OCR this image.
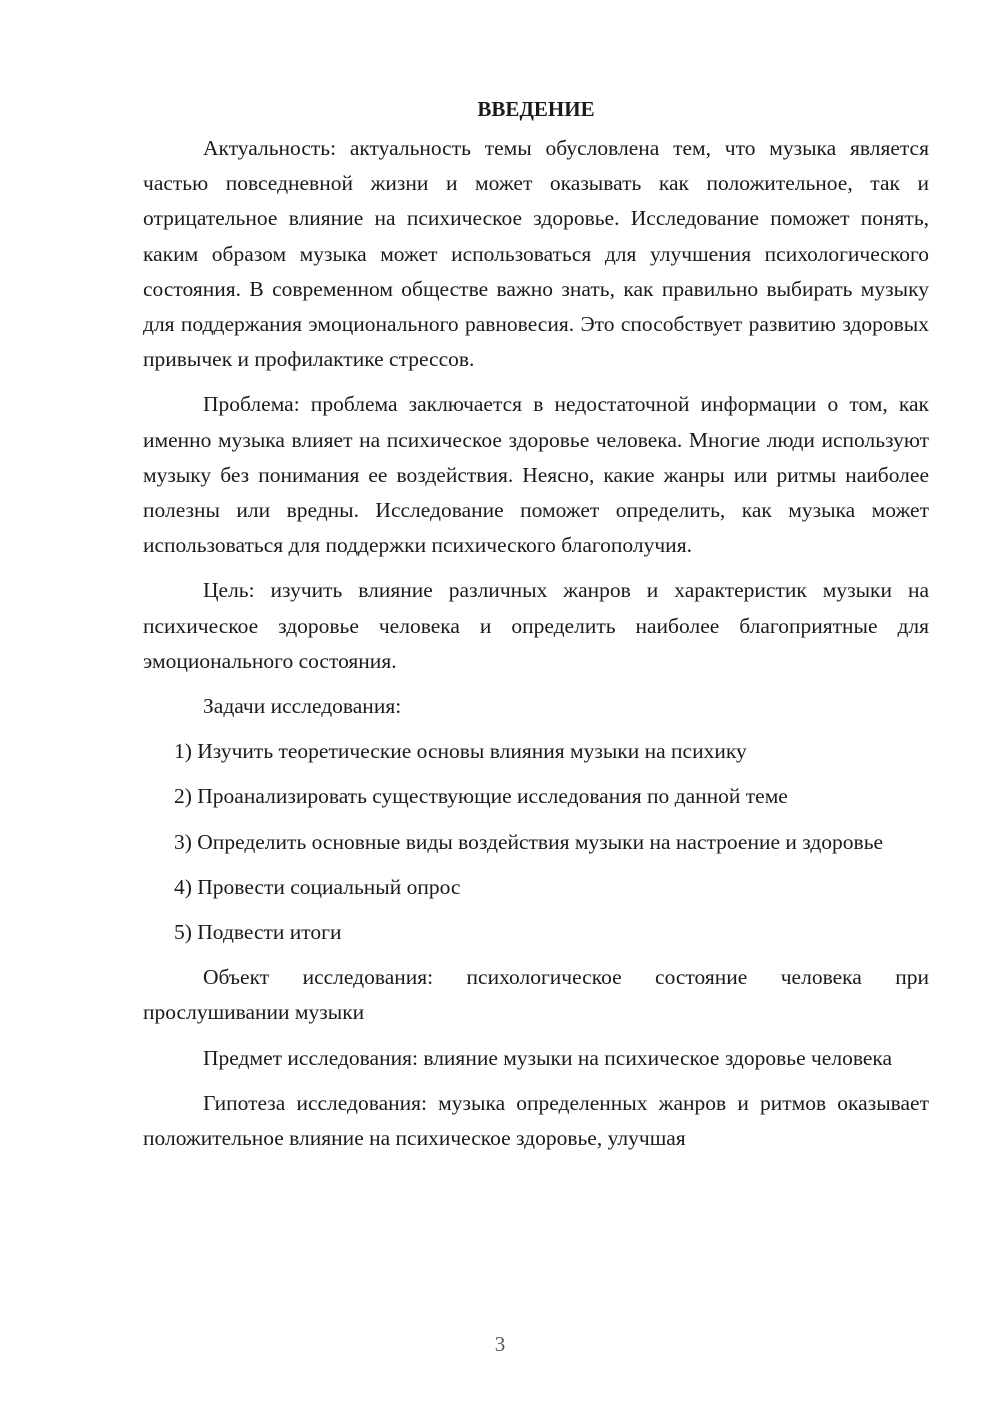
ВВЕДЕНИЕ

Актуальность: актуальность темы обусловлена тем, что музыка является частью повседневной жизни и может оказывать как положительное, так и отрицательное влияние на психическое здоровье. Исследование поможет понять, каким образом музыка может использоваться для улучшения психологического состояния. В современном обществе важно знать, как правильно выбирать музыку для поддержания эмоционального равновесия. Это способствует развитию здоровых привычек и профилактике стрессов.

Проблема: проблема заключается в недостаточной информации о том, как именно музыка влияет на психическое здоровье человека. Многие люди используют музыку без понимания ее воздействия. Неясно, какие жанры или ритмы наиболее полезны или вредны. Исследование поможет определить, как музыка может использоваться для поддержки психического благополучия.

Цель: изучить влияние различных жанров и характеристик музыки на психическое здоровье человека и определить наиболее благоприятные для эмоционального состояния.

Задачи исследования:

1) Изучить теоретические основы влияния музыки на психику

2) Проанализировать существующие исследования по данной теме

3) Определить основные виды воздействия музыки на настроение и здоровье

4) Провести социальный опрос

5) Подвести итоги

Объект исследования: психологическое состояние человека при прослушивании музыки

Предмет исследования: влияние музыки на психическое здоровье человека

Гипотеза исследования: музыка определенных жанров и ритмов оказывает положительное влияние на психическое здоровье, улучшая

3
